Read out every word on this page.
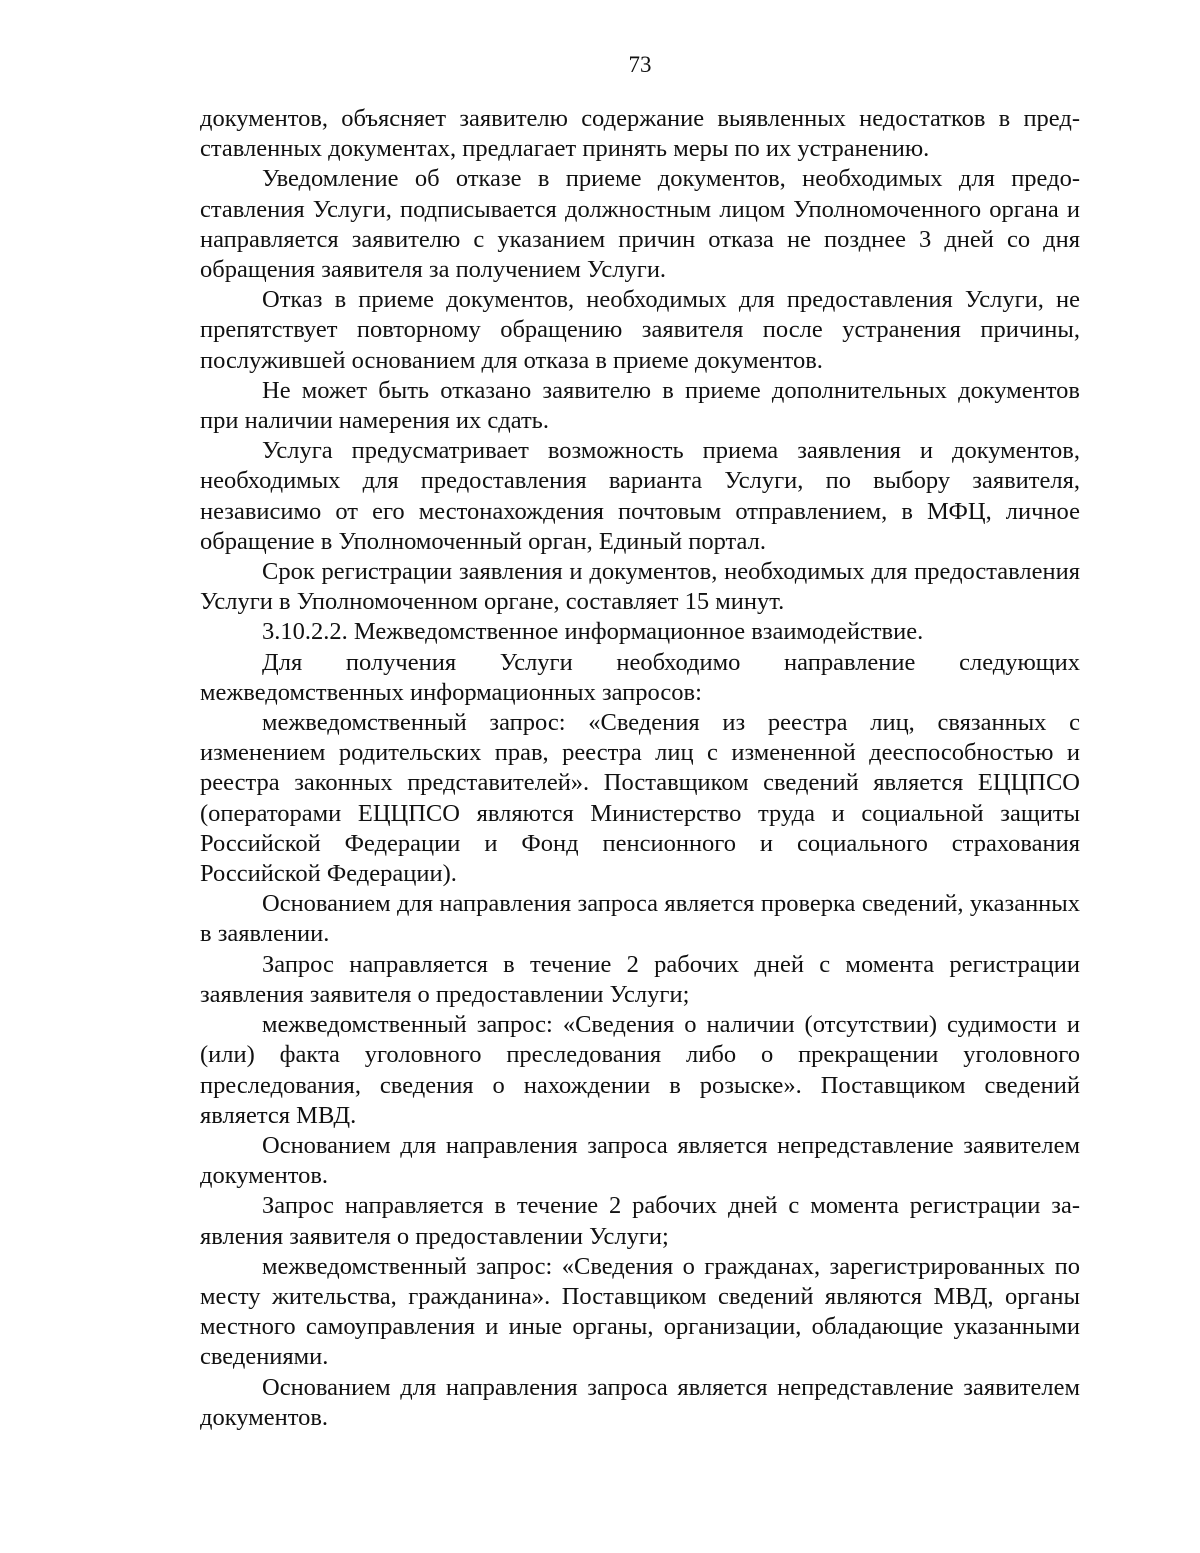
73

документов, объясняет заявителю содержание выявленных недостатков в представленных документах, предлагает принять меры по их устранению.

Уведомление об отказе в приеме документов, необходимых для предоставления Услуги, подписывается должностным лицом Уполномоченного органа и направляется заявителю с указанием причин отказа не позднее 3 дней со дня обращения заявителя за получением Услуги.

Отказ в приеме документов, необходимых для предоставления Услуги, не препятствует повторному обращению заявителя после устранения причины, послужившей основанием для отказа в приеме документов.

Не может быть отказано заявителю в приеме дополнительных документов при наличии намерения их сдать.

Услуга предусматривает возможность приема заявления и документов, необходимых для предоставления варианта Услуги, по выбору заявителя, независимо от его местонахождения почтовым отправлением, в МФЦ, личное обращение в Уполномоченный орган, Единый портал.

Срок регистрации заявления и документов, необходимых для предоставления Услуги в Уполномоченном органе, составляет 15 минут.

3.10.2.2. Межведомственное информационное взаимодействие.

Для получения Услуги необходимо направление следующих межведомственных информационных запросов:

межведомственный запрос: «Сведения из реестра лиц, связанных с изменением родительских прав, реестра лиц с измененной дееспособностью и реестра законных представителей». Поставщиком сведений является ЕЦЦПСО (операторами ЕЦЦПСО являются Министерство труда и социальной защиты Российской Федерации и Фонд пенсионного и социального страхования Российской Федерации).

Основанием для направления запроса является проверка сведений, указанных в заявлении.

Запрос направляется в течение 2 рабочих дней с момента регистрации заявления заявителя о предоставлении Услуги;

межведомственный запрос: «Сведения о наличии (отсутствии) судимости и (или) факта уголовного преследования либо о прекращении уголовного преследования, сведения о нахождении в розыске». Поставщиком сведений является МВД.

Основанием для направления запроса является непредставление заявителем документов.

Запрос направляется в течение 2 рабочих дней с момента регистрации заявления заявителя о предоставлении Услуги;

межведомственный запрос: «Сведения о гражданах, зарегистрированных по месту жительства, гражданина». Поставщиком сведений являются МВД, органы местного самоуправления и иные органы, организации, обладающие указанными сведениями.

Основанием для направления запроса является непредставление заявителем документов.
